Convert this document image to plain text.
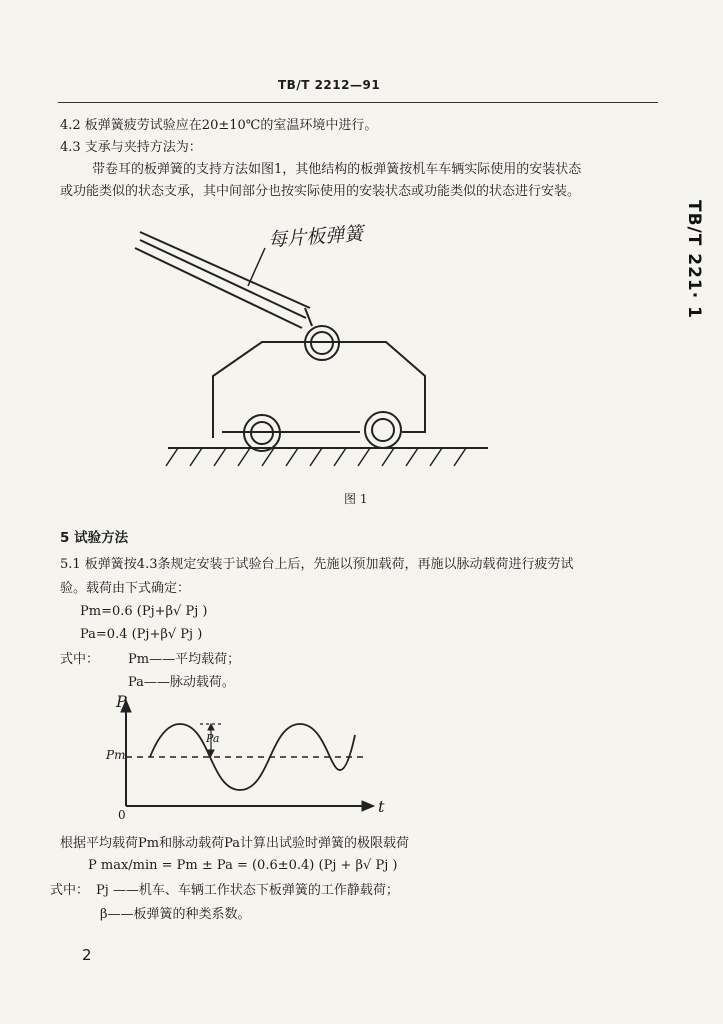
TB/T 2212—91
TB/T 221· 1
4.2 板弹簧疲劳试验应在20±10℃的室温环境中进行。
4.3 支承与夹持方法为：
带卷耳的板弹簧的支持方法如图1，其他结构的板弹簧按机车车辆实际使用的安装状态
或功能类似的状态支承，其中间部分也按实际使用的安装状态或功能类似的状态进行安装。
每片板弹簧
图 1
5 试验方法
5.1 板弹簧按4.3条规定安装于试验台上后，先施以预加载荷，再施以脉动载荷进行疲劳试
验。载荷由下式确定：
Pm=0.6 (Pj+β√ Pj )
Pa=0.4 (Pj+β√ Pj )
式中： Pm——平均载荷；
Pa——脉动载荷。
P
t
0
Pm
Pa
根据平均载荷Pm和脉动载荷Pa计算出试验时弹簧的极限载荷
P max/min = Pm ± Pa = (0.6±0.4) (Pj + β√ Pj )
式中： Pj ——机车、车辆工作状态下板弹簧的工作静载荷；
β——板弹簧的种类系数。
2
